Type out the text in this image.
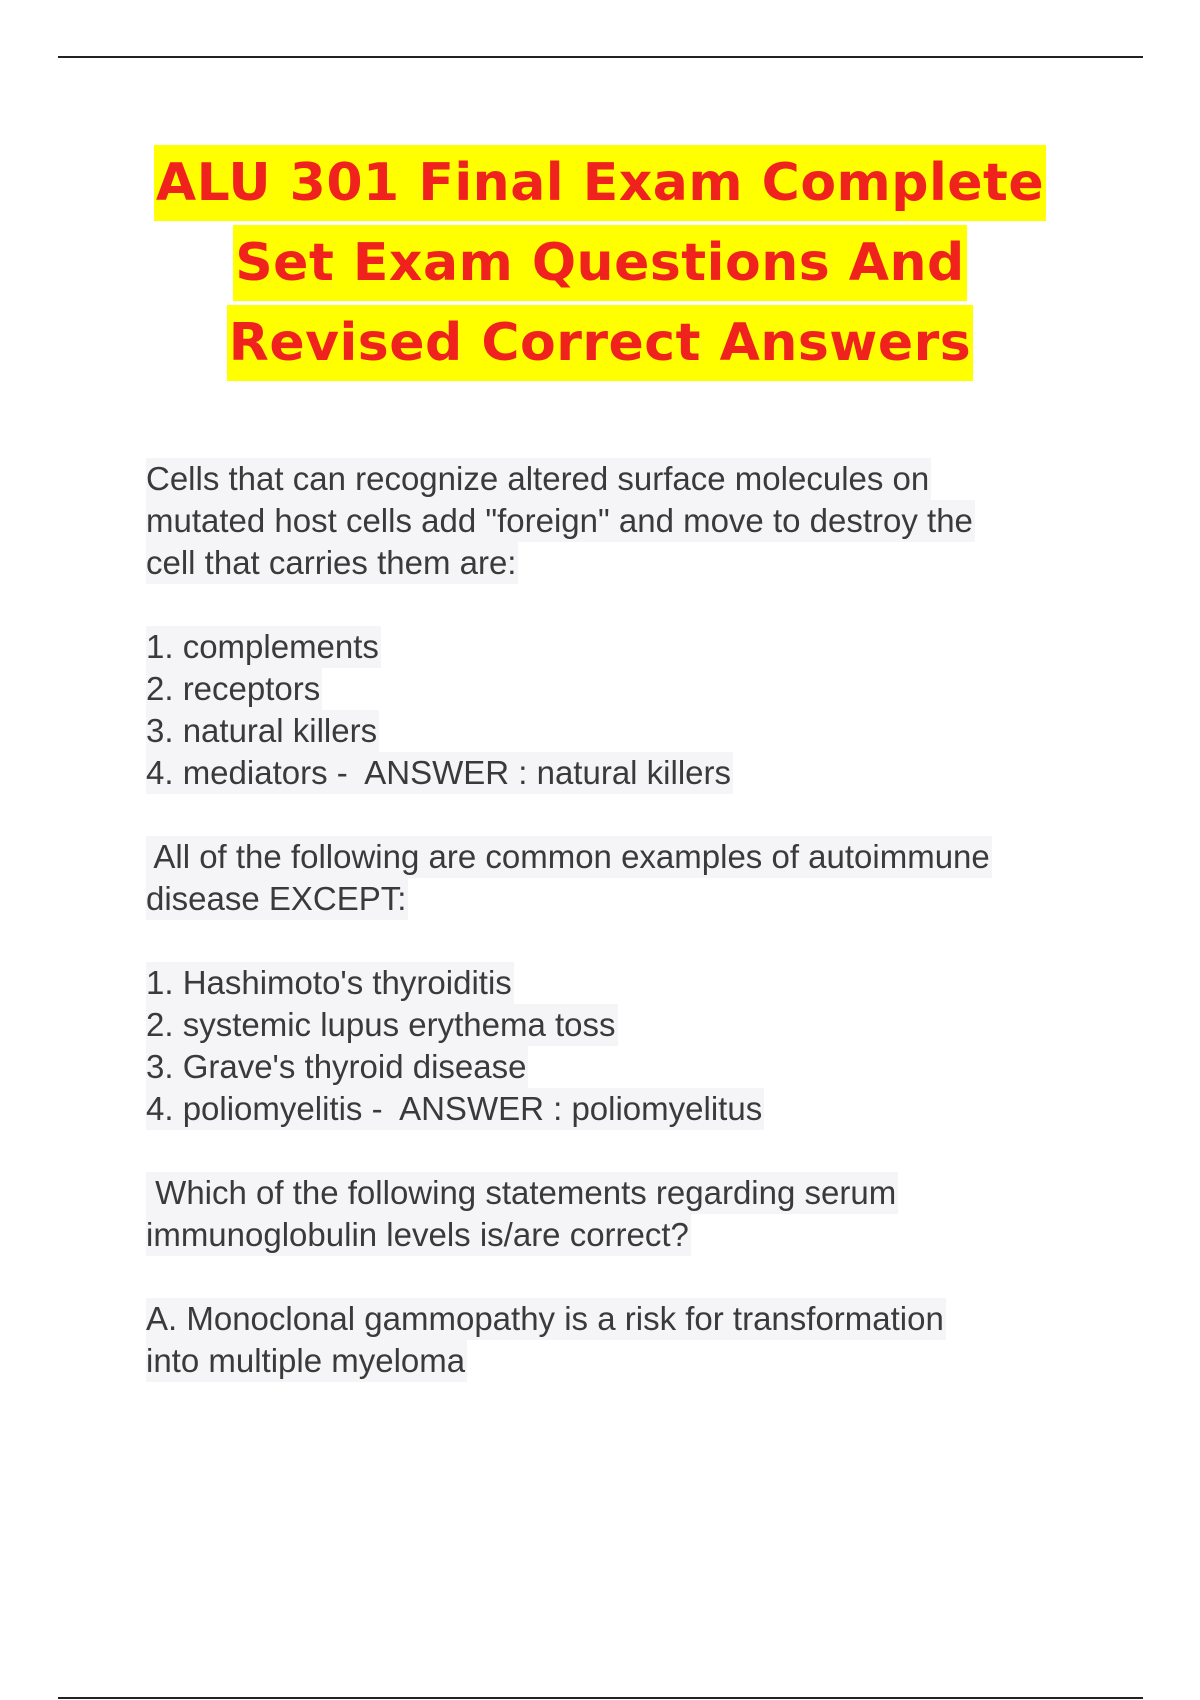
ALU 301 Final Exam Complete
Set Exam Questions And
Revised Correct Answers
Cells that can recognize altered surface molecules on
mutated host cells add "foreign" and move to destroy the
cell that carries them are:
1. complements
2. receptors
3. natural killers
4. mediators -  ANSWER : natural killers
All of the following are common examples of autoimmune
disease EXCEPT:
1. Hashimoto's thyroiditis
2. systemic lupus erythema toss
3. Grave's thyroid disease
4. poliomyelitis -  ANSWER : poliomyelitus
Which of the following statements regarding serum
immunoglobulin levels is/are correct?
A. Monoclonal gammopathy is a risk for transformation
into multiple myeloma
